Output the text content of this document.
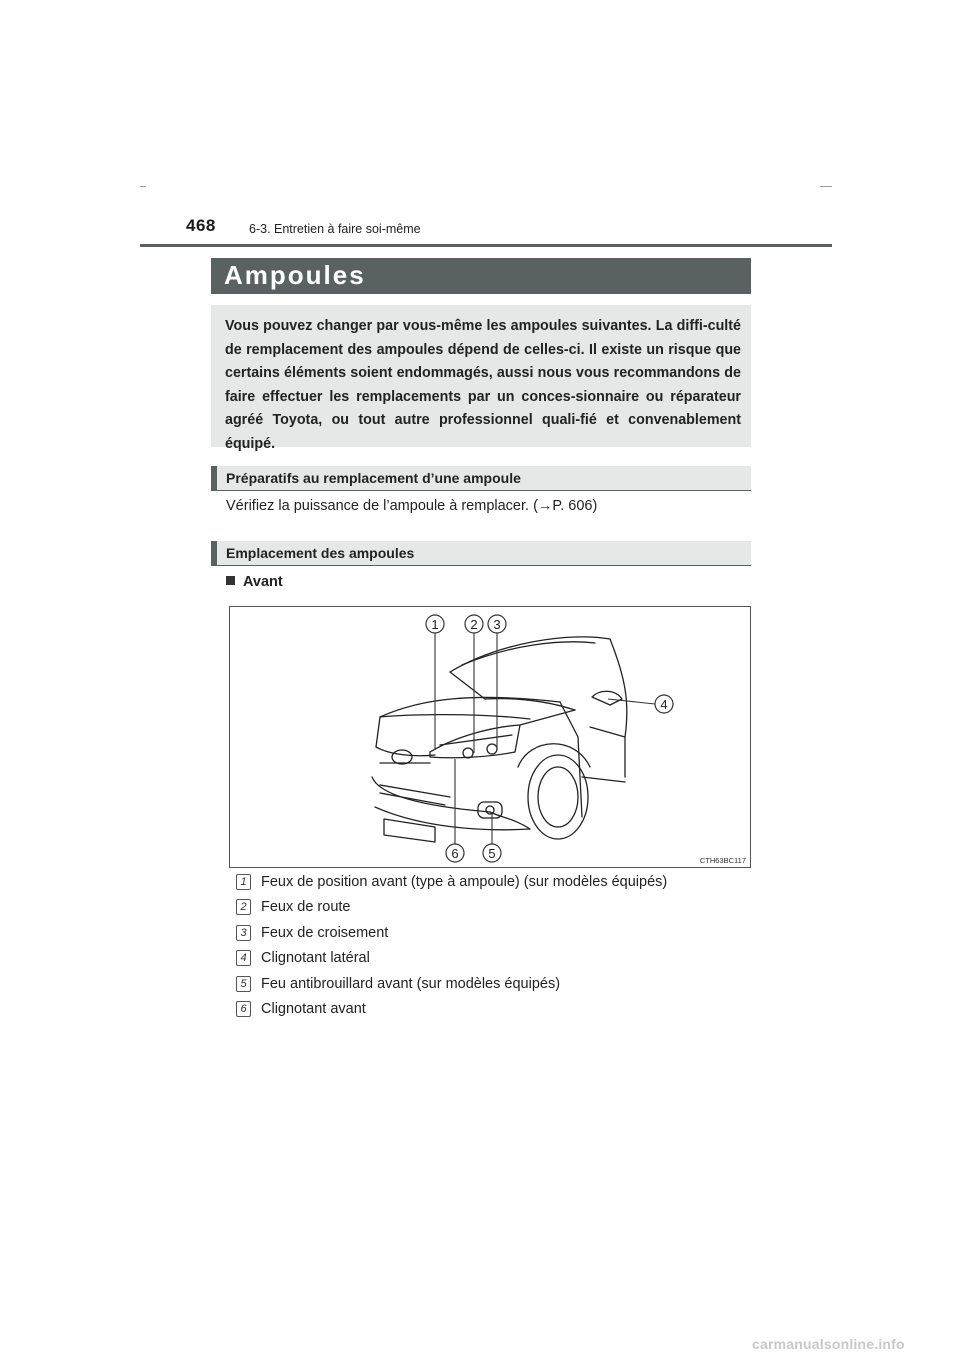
468	6-3. Entretien à faire soi-même
Ampoules
Vous pouvez changer par vous-même les ampoules suivantes. La diffi-culté de remplacement des ampoules dépend de celles-ci. Il existe un risque que certains éléments soient endommagés, aussi nous vous recommandons de faire effectuer les remplacements par un conces-sionnaire ou réparateur agréé Toyota, ou tout autre professionnel quali-fié et convenablement équipé.
Préparatifs au remplacement d’une ampoule
Vérifiez la puissance de l’ampoule à remplacer. (→P. 606)
Emplacement des ampoules
Avant
1 2 3
4
5
6	CTH63BC117
1 Feux de position avant (type à ampoule) (sur modèles équipés)
2 Feux de route
3 Feux de croisement
4 Clignotant latéral
5 Feu antibrouillard avant (sur modèles équipés)
6 Clignotant avant
carmanualsonline.info
